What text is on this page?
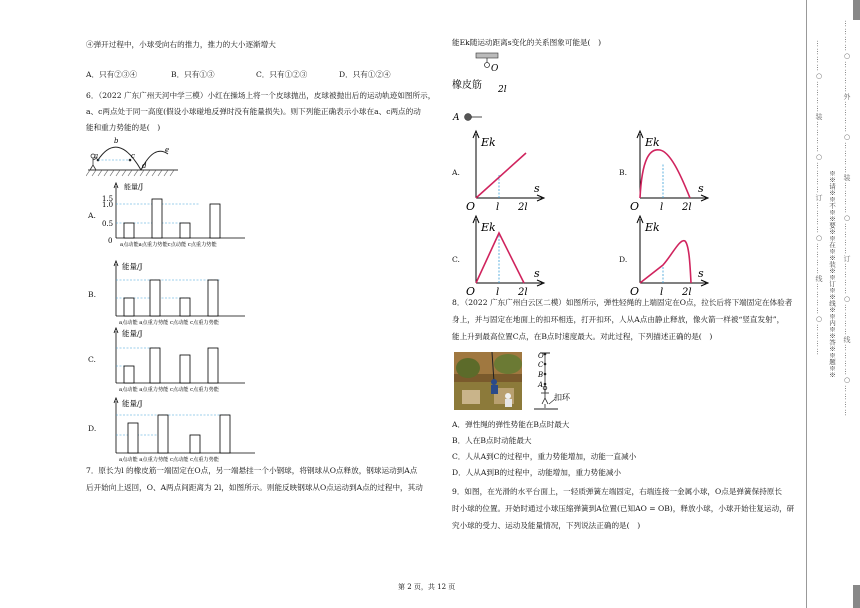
④弹开过程中，小球受向右的推力，推力的大小逐渐增大
A．只有②③④	B．只有①③	C．只有①②③	D．只有①②④
6．（2022 广东广州天河中学三模）小红在操场上将一个皮球抛出，皮球被抛出后的运动轨迹如图所示，
a、c两点处于同一高度(假设小球碰地反弹时没有能量损失)。则下列能正确表示小球在a、c两点的动
能和重力势能的是(　)
a
b
c
d
e
A.
能量/J
1.5
1.0
0.5
0 a点动能a点重力势能c点动能 c点重力势能
B.
能量/J
a点动能 a点重力势能 c点动能 c点重力势能
C.
能量/J
a点动能 a点重力势能 c点动能 c点重力势能
D.
能量/J
a点动能 a点重力势能 c点动能 c点重力势能
7．原长为l 的橡皮筋一端固定在O点，另一端悬挂一个小钢球，将钢球从O点释放，钢球运动到A点
后开始向上返回，O、A两点间距离为 2l，如图所示。则能反映钢球从O点运动到A点的过程中，其动
能Ek随运动距离s变化的关系图象可能是(　)
O
橡皮筋 2l
A
A.
Ek
s
O l 2l
B.
Ek
s
O l 2l
C.
Ek
s
O l 2l
D.
Ek
s
O l 2l
8．（2022 广东广州白云区二模）如图所示，弹性轻绳的上端固定在O点，拉长后将下端固定在体验者
身上，并与固定在地面上的扣环相连，打开扣环，人从A点由静止释放，像火箭一样被“竖直发射”，
能上升到最高位置C点，在B点时速度最大。对此过程，下列描述正确的是(　)
O
C
B
A
扣环
A．弹性绳的弹性势能在B点时最大
B．人在B点时动能最大
C．人从A到C的过程中，重力势能增加，动能一直减小
D．人从A到B的过程中，动能增加，重力势能减小
9．如图，在光滑的水平台面上，一轻质弹簧左端固定，右端连接一金属小球，O点是弹簧保持原长
时小球的位置。开始时通过小球压缩弹簧到A位置(已知AO = OB)，释放小球，小球开始往复运动，研
究小球的受力、运动及能量情况，下列说法正确的是(　)
第 2 页，共 12 页
…………○…………装…………○…………订…………○…………线…………○………… ※※请※※不※※要※※在※※装※※订※※线※※内※※答※※题※※ …………○…………外…………○…………装…………○…………订…………○…………线…………○…………
